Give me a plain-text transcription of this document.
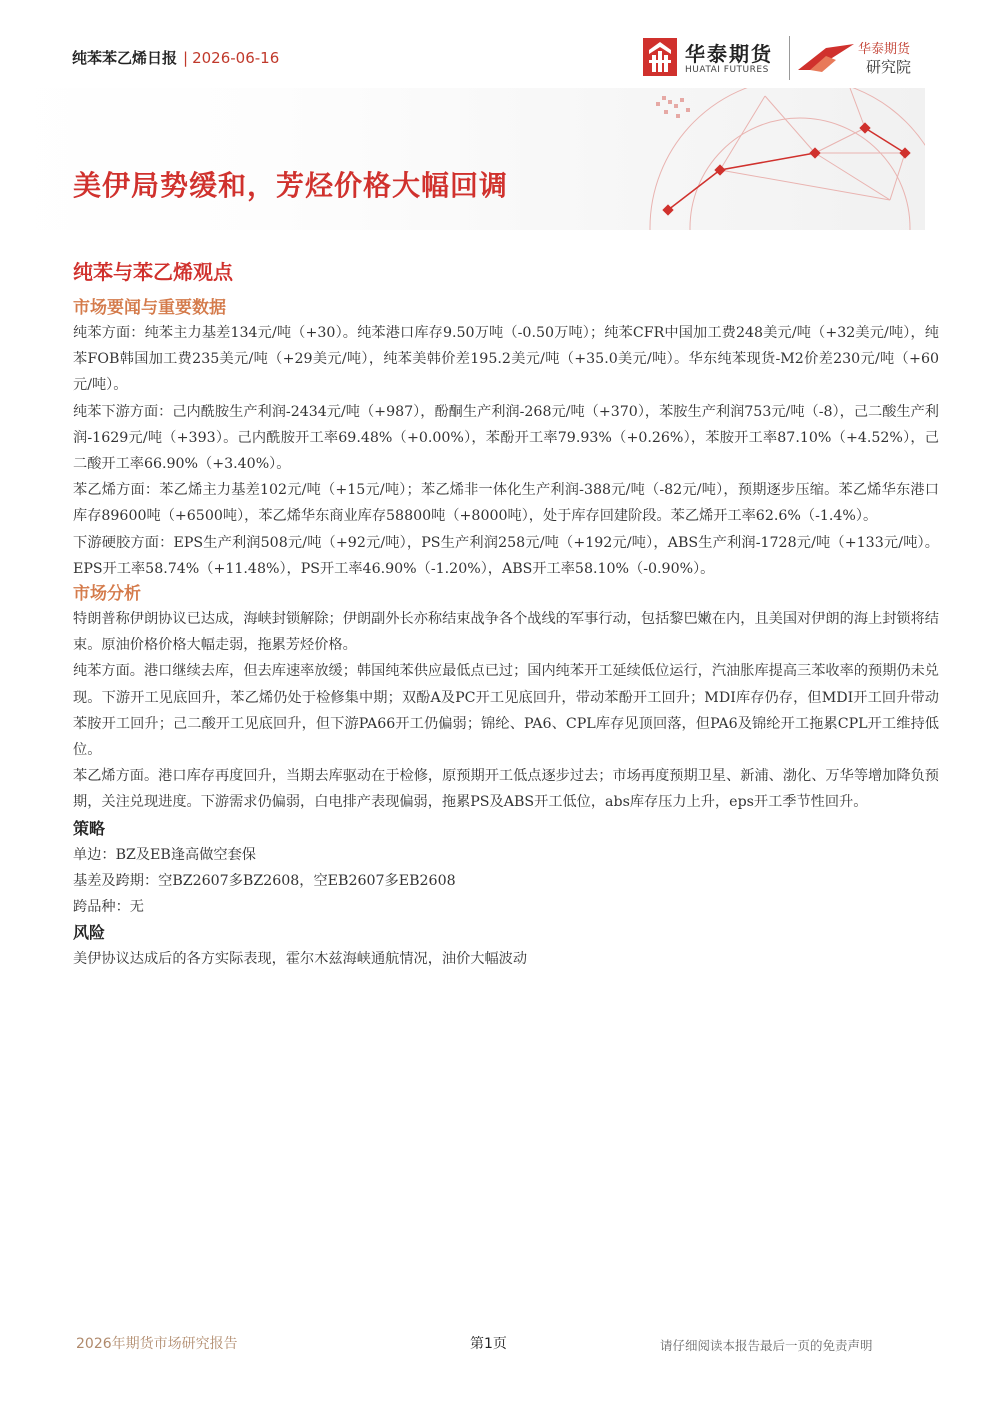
纯苯苯乙烯日报 | 2026-06-16	华泰期货
HUATAI FUTURES
华泰期货
研究院
美伊局势缓和，芳烃价格大幅回调
纯苯与苯乙烯观点
市场要闻与重要数据

纯苯方面：纯苯主力基差134元/吨（+30）。纯苯港口库存9.50万吨（-0.50万吨）；纯苯CFR中国加工费248美元/吨（+32美元/吨），纯苯FOB韩国加工费235美元/吨（+29美元/吨），纯苯美韩价差195.2美元/吨（+35.0美元/吨）。华东纯苯现货-M2价差230元/吨（+60元/吨）。

纯苯下游方面：己内酰胺生产利润-2434元/吨（+987），酚酮生产利润-268元/吨（+370），苯胺生产利润753元/吨（-8），己二酸生产利润-1629元/吨（+393）。己内酰胺开工率69.48%（+0.00%），苯酚开工率79.93%（+0.26%），苯胺开工率87.10%（+4.52%），己二酸开工率66.90%（+3.40%）。

苯乙烯方面：苯乙烯主力基差102元/吨（+15元/吨）；苯乙烯非一体化生产利润-388元/吨（-82元/吨），预期逐步压缩。苯乙烯华东港口库存89600吨（+6500吨），苯乙烯华东商业库存58800吨（+8000吨），处于库存回建阶段。苯乙烯开工率62.6%（-1.4%）。

下游硬胶方面：EPS生产利润508元/吨（+92元/吨），PS生产利润258元/吨（+192元/吨），ABS生产利润-1728元/吨（+133元/吨）。EPS开工率58.74%（+11.48%），PS开工率46.90%（-1.20%），ABS开工率58.10%（-0.90%）。

市场分析

特朗普称伊朗协议已达成，海峡封锁解除；伊朗副外长亦称结束战争各个战线的军事行动，包括黎巴嫩在内，且美国对伊朗的海上封锁将结束。原油价格价格大幅走弱，拖累芳烃价格。

纯苯方面。港口继续去库，但去库速率放缓；韩国纯苯供应最低点已过；国内纯苯开工延续低位运行，汽油胀库提高三苯收率的预期仍未兑现。下游开工见底回升，苯乙烯仍处于检修集中期；双酚A及PC开工见底回升，带动苯酚开工回升；MDI库存仍存，但MDI开工回升带动苯胺开工回升；己二酸开工见底回升，但下游PA66开工仍偏弱；锦纶、PA6、CPL库存见顶回落，但PA6及锦纶开工拖累CPL开工维持低位。

苯乙烯方面。港口库存再度回升，当期去库驱动在于检修，原预期开工低点逐步过去；市场再度预期卫星、新浦、渤化、万华等增加降负预期，关注兑现进度。下游需求仍偏弱，白电排产表现偏弱，拖累PS及ABS开工低位，abs库存压力上升，eps开工季节性回升。

策略
单边：BZ及EB逢高做空套保
基差及跨期：空BZ2607多BZ2608，空EB2607多EB2608
跨品种：无
风险
美伊协议达成后的各方实际表现，霍尔木兹海峡通航情况，油价大幅波动
2026年期货市场研究报告	第1页	请仔细阅读本报告最后一页的免责声明
